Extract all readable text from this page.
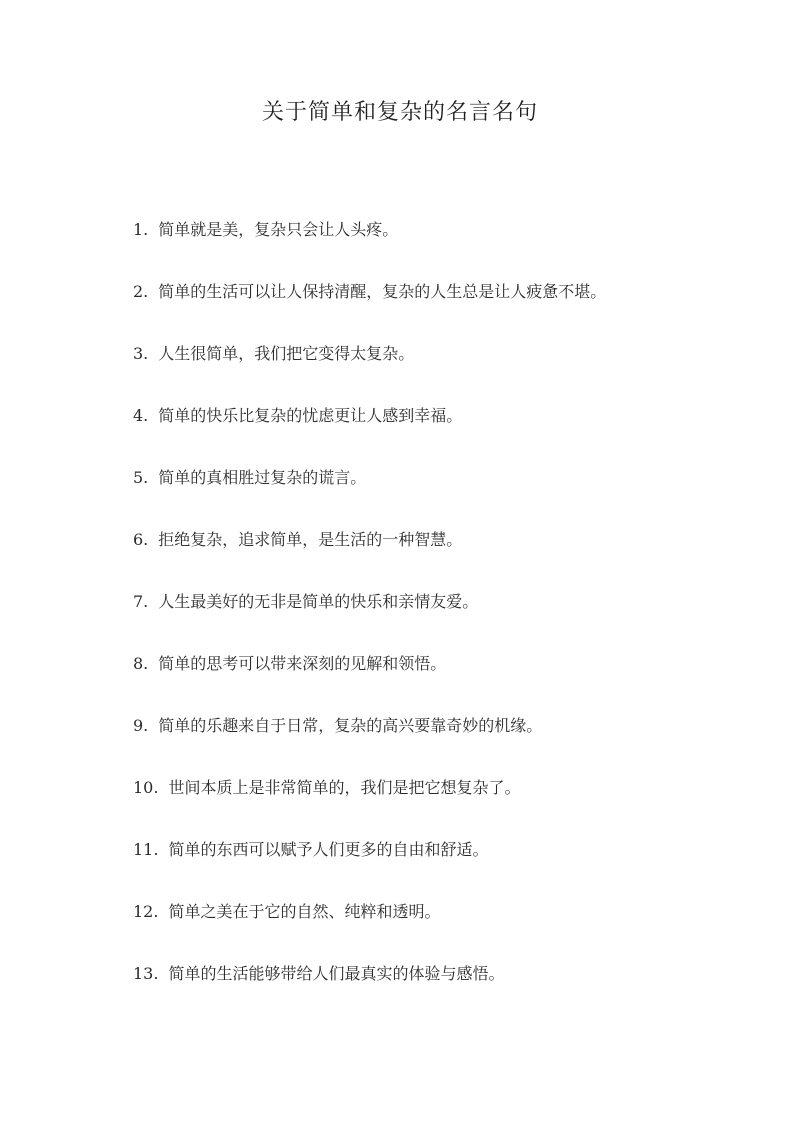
关于简单和复杂的名言名句
1. 简单就是美，复杂只会让人头疼。
2. 简单的生活可以让人保持清醒，复杂的人生总是让人疲惫不堪。
3. 人生很简单，我们把它变得太复杂。
4. 简单的快乐比复杂的忧虑更让人感到幸福。
5. 简单的真相胜过复杂的谎言。
6. 拒绝复杂，追求简单，是生活的一种智慧。
7. 人生最美好的无非是简单的快乐和亲情友爱。
8. 简单的思考可以带来深刻的见解和领悟。
9. 简单的乐趣来自于日常，复杂的高兴要靠奇妙的机缘。
10. 世间本质上是非常简单的，我们是把它想复杂了。
11. 简单的东西可以赋予人们更多的自由和舒适。
12. 简单之美在于它的自然、纯粹和透明。
13. 简单的生活能够带给人们最真实的体验与感悟。
